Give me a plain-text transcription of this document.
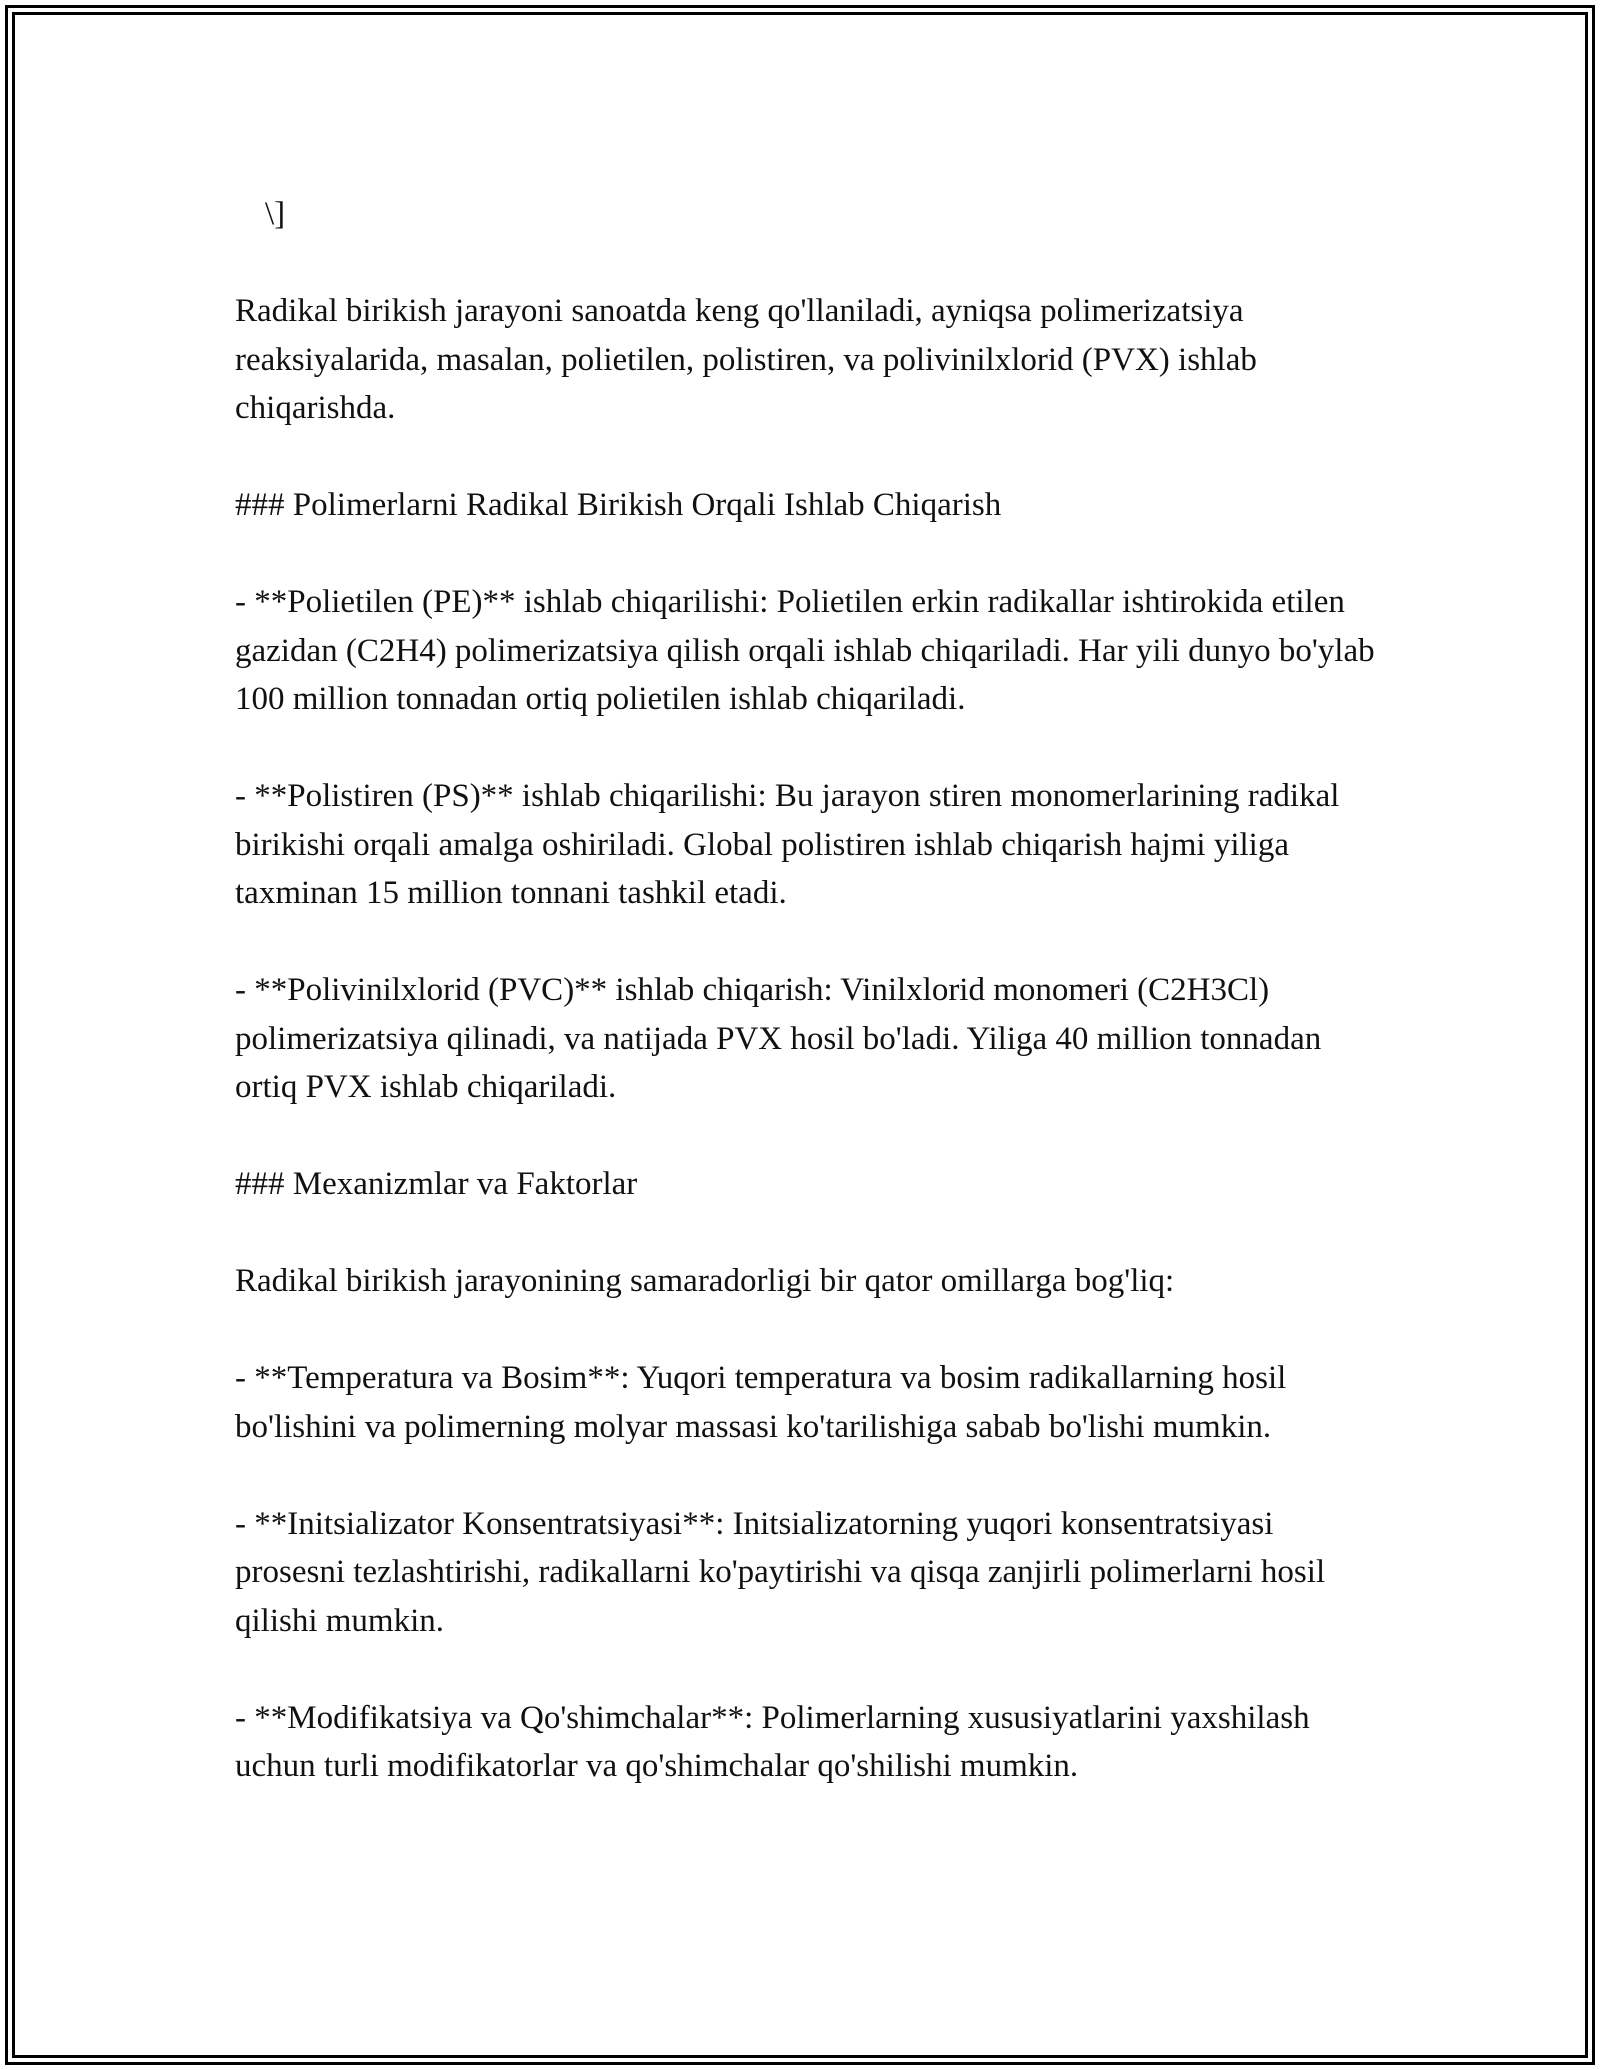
\]

Radikal birikish jarayoni sanoatda keng qo'llaniladi, ayniqsa polimerizatsiya reaksiyalarida, masalan, polietilen, polistiren, va polivinilxlorid (PVX) ishlab chiqarishda.

### Polimerlarni Radikal Birikish Orqali Ishlab Chiqarish

- **Polietilen (PE)** ishlab chiqarilishi: Polietilen erkin radikallar ishtirokida etilen gazidan (C2H4) polimerizatsiya qilish orqali ishlab chiqariladi. Har yili dunyo bo'ylab 100 million tonnadan ortiq polietilen ishlab chiqariladi.

- **Polistiren (PS)** ishlab chiqarilishi: Bu jarayon stiren monomerlarining radikal birikishi orqali amalga oshiriladi. Global polistiren ishlab chiqarish hajmi yiliga taxminan 15 million tonnani tashkil etadi.

- **Polivinilxlorid (PVC)** ishlab chiqarish: Vinilxlorid monomeri (C2H3Cl) polimerizatsiya qilinadi, va natijada PVX hosil bo'ladi. Yiliga 40 million tonnadan ortiq PVX ishlab chiqariladi.

### Mexanizmlar va Faktorlar

Radikal birikish jarayonining samaradorligi bir qator omillarga bog'liq:

- **Temperatura va Bosim**: Yuqori temperatura va bosim radikallarning hosil bo'lishini va polimerning molyar massasi ko'tarilishiga sabab bo'lishi mumkin.

- **Initsializator Konsentratsiyasi**: Initsializatorning yuqori konsentratsiyasi prosesni tezlashtirishi, radikallarni ko'paytirishi va qisqa zanjirli polimerlarni hosil qilishi mumkin.

- **Modifikatsiya va Qo'shimchalar**: Polimerlarning xususiyatlarini yaxshilash uchun turli modifikatorlar va qo'shimchalar qo'shilishi mumkin.
